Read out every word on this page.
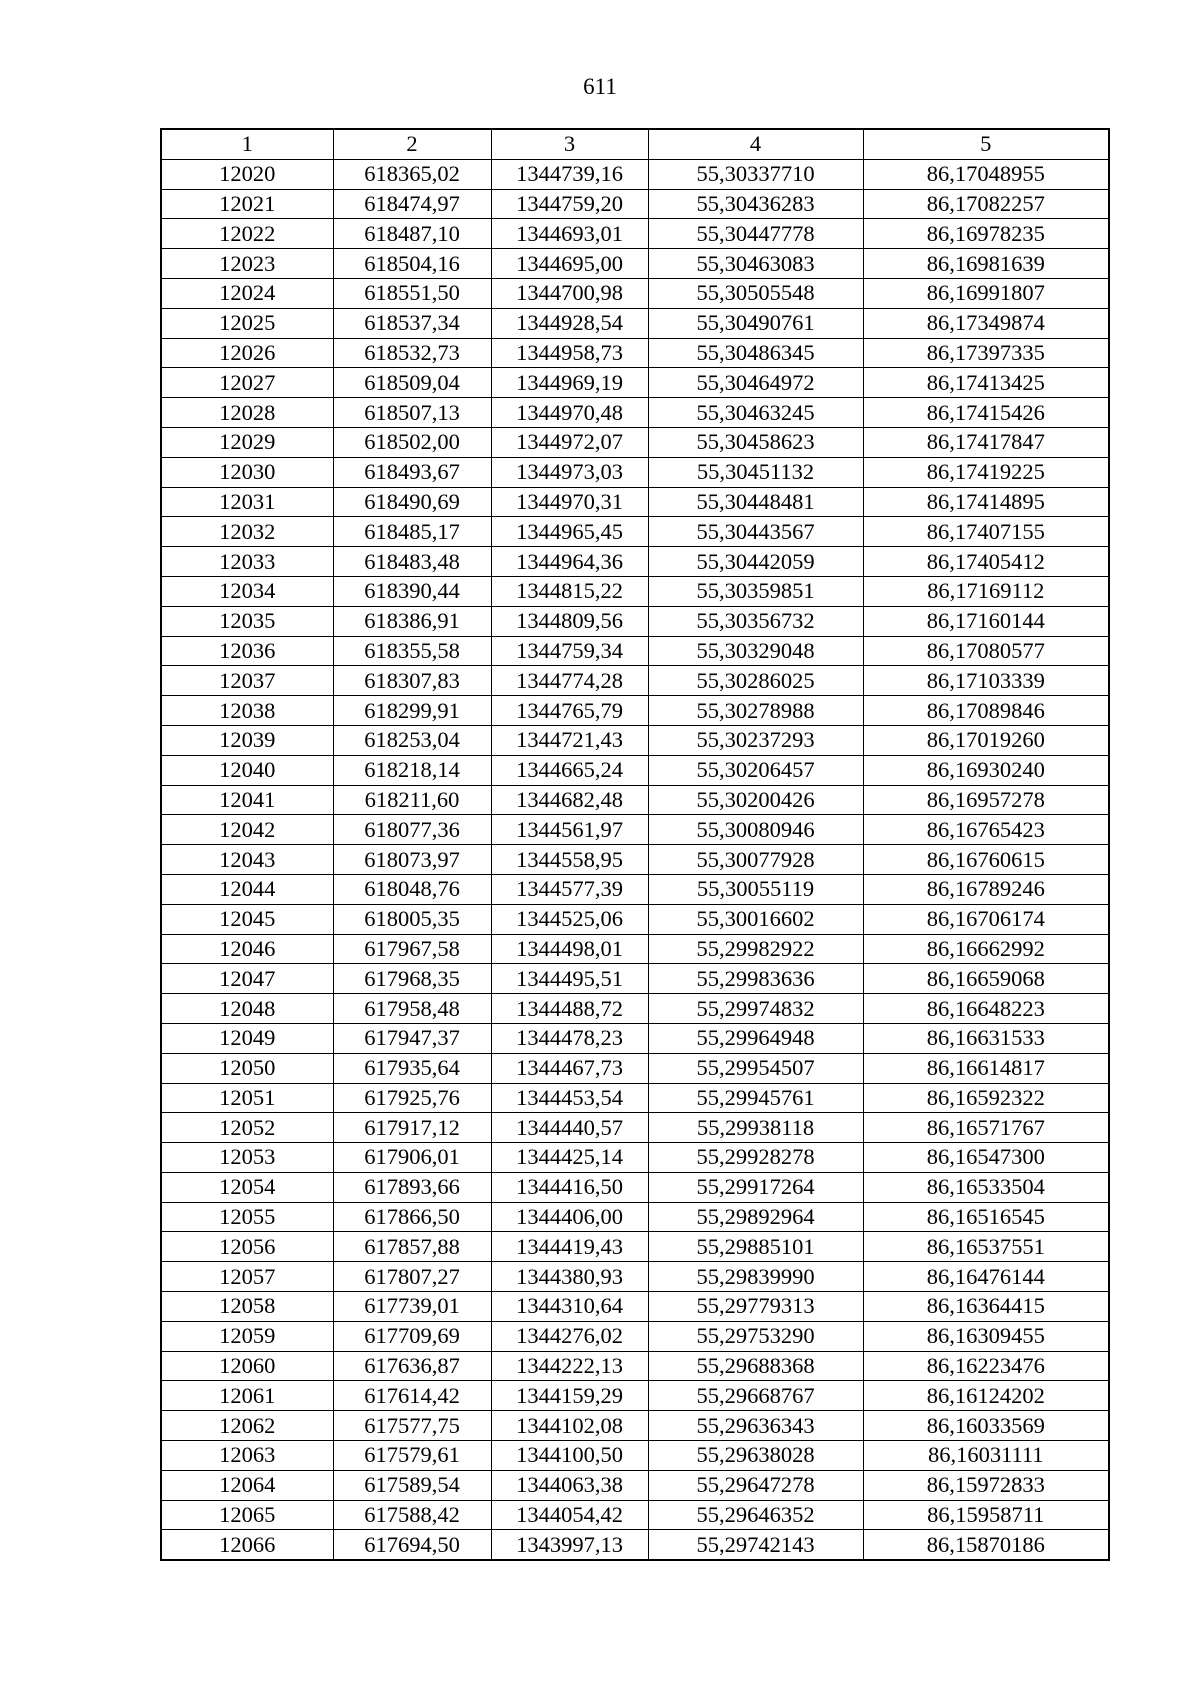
611
1	2	3	4	5
12020	618365,02	1344739,16	55,30337710	86,17048955
12021	618474,97	1344759,20	55,30436283	86,17082257
12022	618487,10	1344693,01	55,30447778	86,16978235
12023	618504,16	1344695,00	55,30463083	86,16981639
12024	618551,50	1344700,98	55,30505548	86,16991807
12025	618537,34	1344928,54	55,30490761	86,17349874
12026	618532,73	1344958,73	55,30486345	86,17397335
12027	618509,04	1344969,19	55,30464972	86,17413425
12028	618507,13	1344970,48	55,30463245	86,17415426
12029	618502,00	1344972,07	55,30458623	86,17417847
12030	618493,67	1344973,03	55,30451132	86,17419225
12031	618490,69	1344970,31	55,30448481	86,17414895
12032	618485,17	1344965,45	55,30443567	86,17407155
12033	618483,48	1344964,36	55,30442059	86,17405412
12034	618390,44	1344815,22	55,30359851	86,17169112
12035	618386,91	1344809,56	55,30356732	86,17160144
12036	618355,58	1344759,34	55,30329048	86,17080577
12037	618307,83	1344774,28	55,30286025	86,17103339
12038	618299,91	1344765,79	55,30278988	86,17089846
12039	618253,04	1344721,43	55,30237293	86,17019260
12040	618218,14	1344665,24	55,30206457	86,16930240
12041	618211,60	1344682,48	55,30200426	86,16957278
12042	618077,36	1344561,97	55,30080946	86,16765423
12043	618073,97	1344558,95	55,30077928	86,16760615
12044	618048,76	1344577,39	55,30055119	86,16789246
12045	618005,35	1344525,06	55,30016602	86,16706174
12046	617967,58	1344498,01	55,29982922	86,16662992
12047	617968,35	1344495,51	55,29983636	86,16659068
12048	617958,48	1344488,72	55,29974832	86,16648223
12049	617947,37	1344478,23	55,29964948	86,16631533
12050	617935,64	1344467,73	55,29954507	86,16614817
12051	617925,76	1344453,54	55,29945761	86,16592322
12052	617917,12	1344440,57	55,29938118	86,16571767
12053	617906,01	1344425,14	55,29928278	86,16547300
12054	617893,66	1344416,50	55,29917264	86,16533504
12055	617866,50	1344406,00	55,29892964	86,16516545
12056	617857,88	1344419,43	55,29885101	86,16537551
12057	617807,27	1344380,93	55,29839990	86,16476144
12058	617739,01	1344310,64	55,29779313	86,16364415
12059	617709,69	1344276,02	55,29753290	86,16309455
12060	617636,87	1344222,13	55,29688368	86,16223476
12061	617614,42	1344159,29	55,29668767	86,16124202
12062	617577,75	1344102,08	55,29636343	86,16033569
12063	617579,61	1344100,50	55,29638028	86,16031111
12064	617589,54	1344063,38	55,29647278	86,15972833
12065	617588,42	1344054,42	55,29646352	86,15958711
12066	617694,50	1343997,13	55,29742143	86,15870186
